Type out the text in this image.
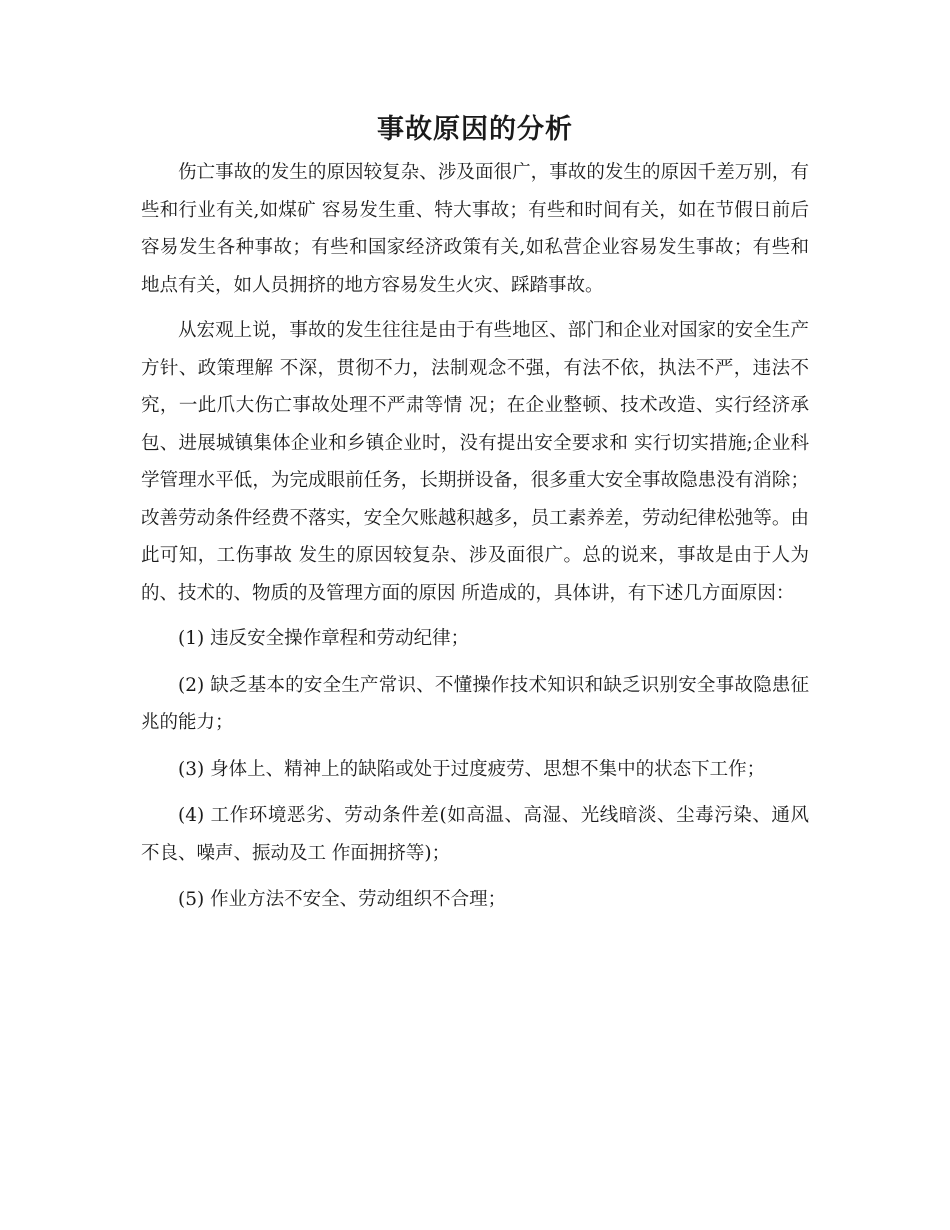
事故原因的分析

伤亡事故的发生的原因较复杂、涉及面很广，事故的发生的原因千差万别，有些和行业有关,如煤矿 容易发生重、特大事故；有些和时间有关，如在节假日前后容易发生各种事故；有些和国家经济政策有关,如私营企业容易发生事故；有些和地点有关，如人员拥挤的地方容易发生火灾、踩踏事故。

从宏观上说，事故的发生往往是由于有些地区、部门和企业对国家的安全生产方针、政策理解 不深，贯彻不力，法制观念不强，有法不依，执法不严，违法不究，一此爪大伤亡事故处理不严肃等情 况；在企业整顿、技术改造、实行经济承包、进展城镇集体企业和乡镇企业时，没有提出安全要求和 实行切实措施;企业科学管理水平低，为完成眼前任务，长期拼设备，很多重大安全事故隐患没有消除； 改善劳动条件经费不落实，安全欠账越积越多，员工素养差，劳动纪律松弛等。由此可知，工伤事故 发生的原因较复杂、涉及面很广。总的说来，事故是由于人为的、技术的、物质的及管理方面的原因 所造成的，具体讲，有下述几方面原因：

(1) 违反安全操作章程和劳动纪律；

(2) 缺乏基本的安全生产常识、不懂操作技术知识和缺乏识别安全事故隐患征兆的能力；

(3) 身体上、精神上的缺陷或处于过度疲劳、思想不集中的状态下工作；

(4) 工作环境恶劣、劳动条件差(如高温、高湿、光线暗淡、尘毒污染、通风不良、噪声、振动及工 作面拥挤等)；

(5) 作业方法不安全、劳动组织不合理；
